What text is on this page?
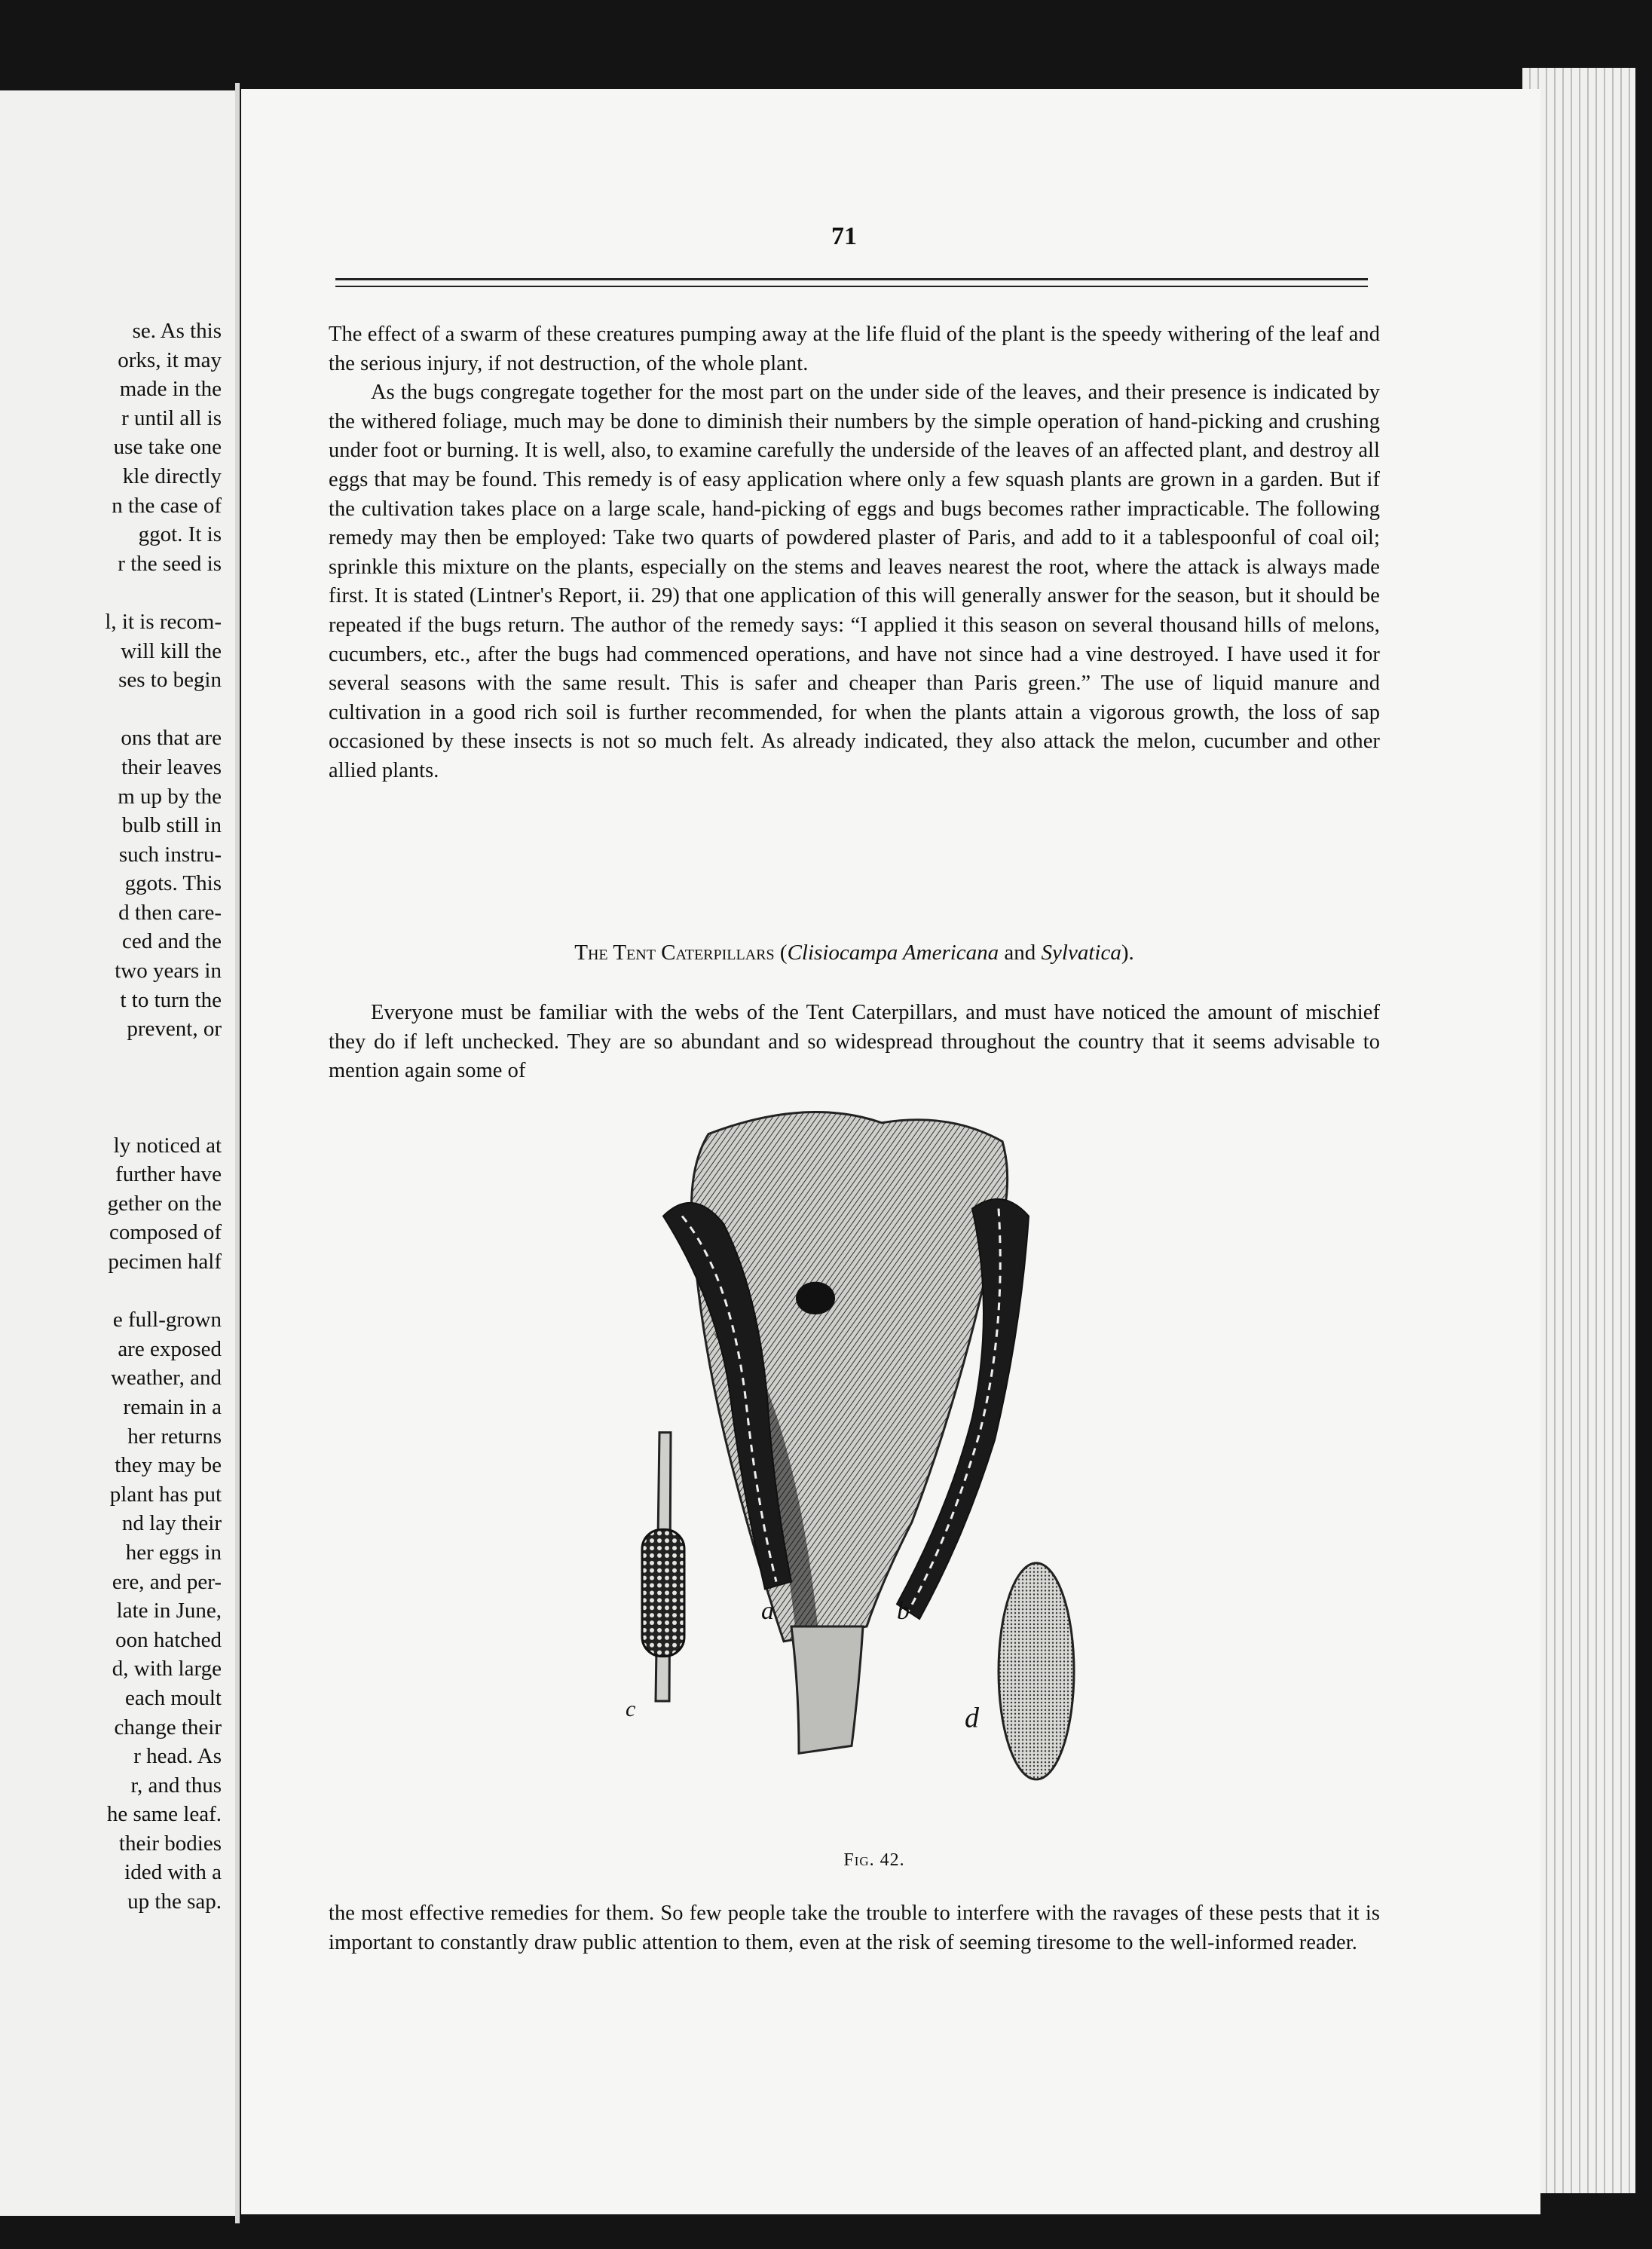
se. As this
orks, it may
made in the
r until all is
use take one
kle directly
n the case of
ggot. It is
r the seed is
l, it is recom-
will kill the
ses to begin
ons that are
their leaves
m up by the
bulb still in
such instru-
ggots. This
d then care-
ced and the
two years in
t to turn the
prevent, or
ly noticed at
further have
gether on the
composed of
pecimen half
e full-grown
are exposed
weather, and
remain in a
her returns
they may be
plant has put
nd lay their
her eggs in
ere, and per-
late in June,
oon hatched
d, with large
each moult
change their
r head. As
r, and thus
he same leaf.
their bodies
ided with a
up the sap.
71

The effect of a swarm of these creatures pumping away at the life fluid of the plant is the speedy withering of the leaf and the serious injury, if not destruction, of the whole plant.

As the bugs congregate together for the most part on the under side of the leaves, and their presence is indicated by the withered foliage, much may be done to diminish their numbers by the simple operation of hand-picking and crushing under foot or burning. It is well, also, to examine carefully the underside of the leaves of an affected plant, and destroy all eggs that may be found. This remedy is of easy application where only a few squash plants are grown in a garden. But if the cultivation takes place on a large scale, hand-picking of eggs and bugs becomes rather impracticable. The following remedy may then be employed: Take two quarts of powdered plaster of Paris, and add to it a tablespoonful of coal oil; sprinkle this mixture on the plants, especially on the stems and leaves nearest the root, where the attack is always made first. It is stated (Lintner's Report, ii. 29) that one application of this will generally answer for the season, but it should be repeated if the bugs return. The author of the remedy says: “I applied it this season on several thousand hills of melons, cucumbers, etc., after the bugs had commenced operations, and have not since had a vine destroyed. I have used it for several seasons with the same result. This is safer and cheaper than Paris green.” The use of liquid manure and cultivation in a good rich soil is further recommended, for when the plants attain a vigorous growth, the loss of sap occasioned by these insects is not so much felt. As already indicated, they also attack the melon, cucumber and other allied plants.

The Tent Caterpillars (Clisiocampa Americana and Sylvatica).

Everyone must be familiar with the webs of the Tent Caterpillars, and must have noticed the amount of mischief they do if left unchecked. They are so abundant and so widespread throughout the country that it seems advisable to mention again some of

a	b
c	d
Fig. 42.

the most effective remedies for them. So few people take the trouble to interfere with the ravages of these pests that it is important to constantly draw public attention to them, even at the risk of seeming tiresome to the well-informed reader.
